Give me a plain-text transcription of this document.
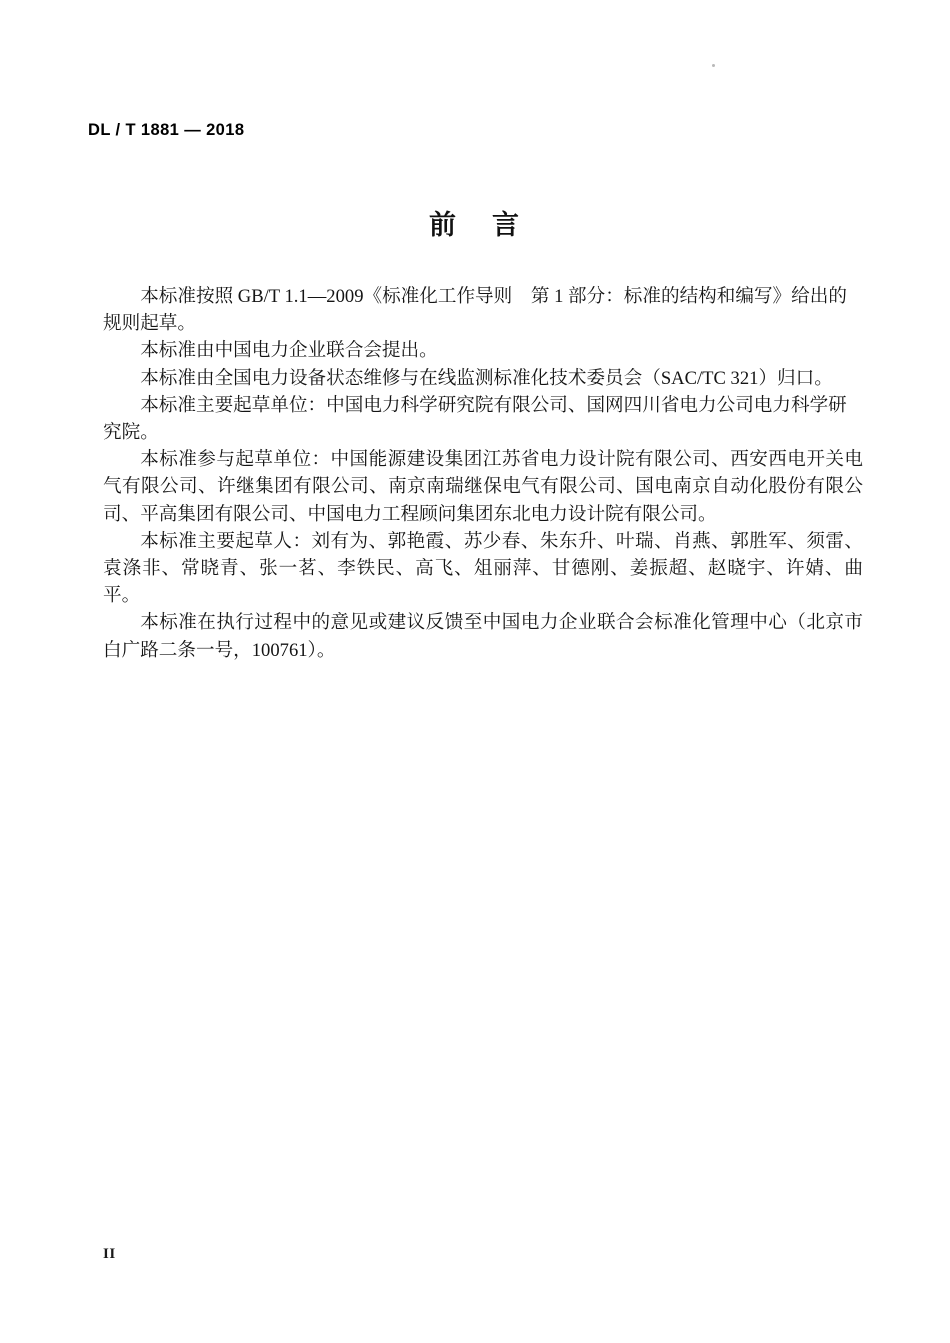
DL / T 1881 — 2018
前 言

本标准按照 GB/T 1.1—2009《标准化工作导则　第 1 部分：标准的结构和编写》给出的规则起草。

本标准由中国电力企业联合会提出。

本标准由全国电力设备状态维修与在线监测标准化技术委员会（SAC/TC 321）归口。

本标准主要起草单位：中国电力科学研究院有限公司、国网四川省电力公司电力科学研究院。

本标准参与起草单位：中国能源建设集团江苏省电力设计院有限公司、西安西电开关电气有限公司、许继集团有限公司、南京南瑞继保电气有限公司、国电南京自动化股份有限公司、平高集团有限公司、中国电力工程顾问集团东北电力设计院有限公司。

本标准主要起草人：刘有为、郭艳霞、苏少春、朱东升、叶瑞、肖燕、郭胜军、须雷、袁涤非、常晓青、张一茗、李铁民、高飞、俎丽萍、甘德刚、姜振超、赵晓宇、许婧、曲平。

本标准在执行过程中的意见或建议反馈至中国电力企业联合会标准化管理中心（北京市白广路二条一号，100761）。

II
